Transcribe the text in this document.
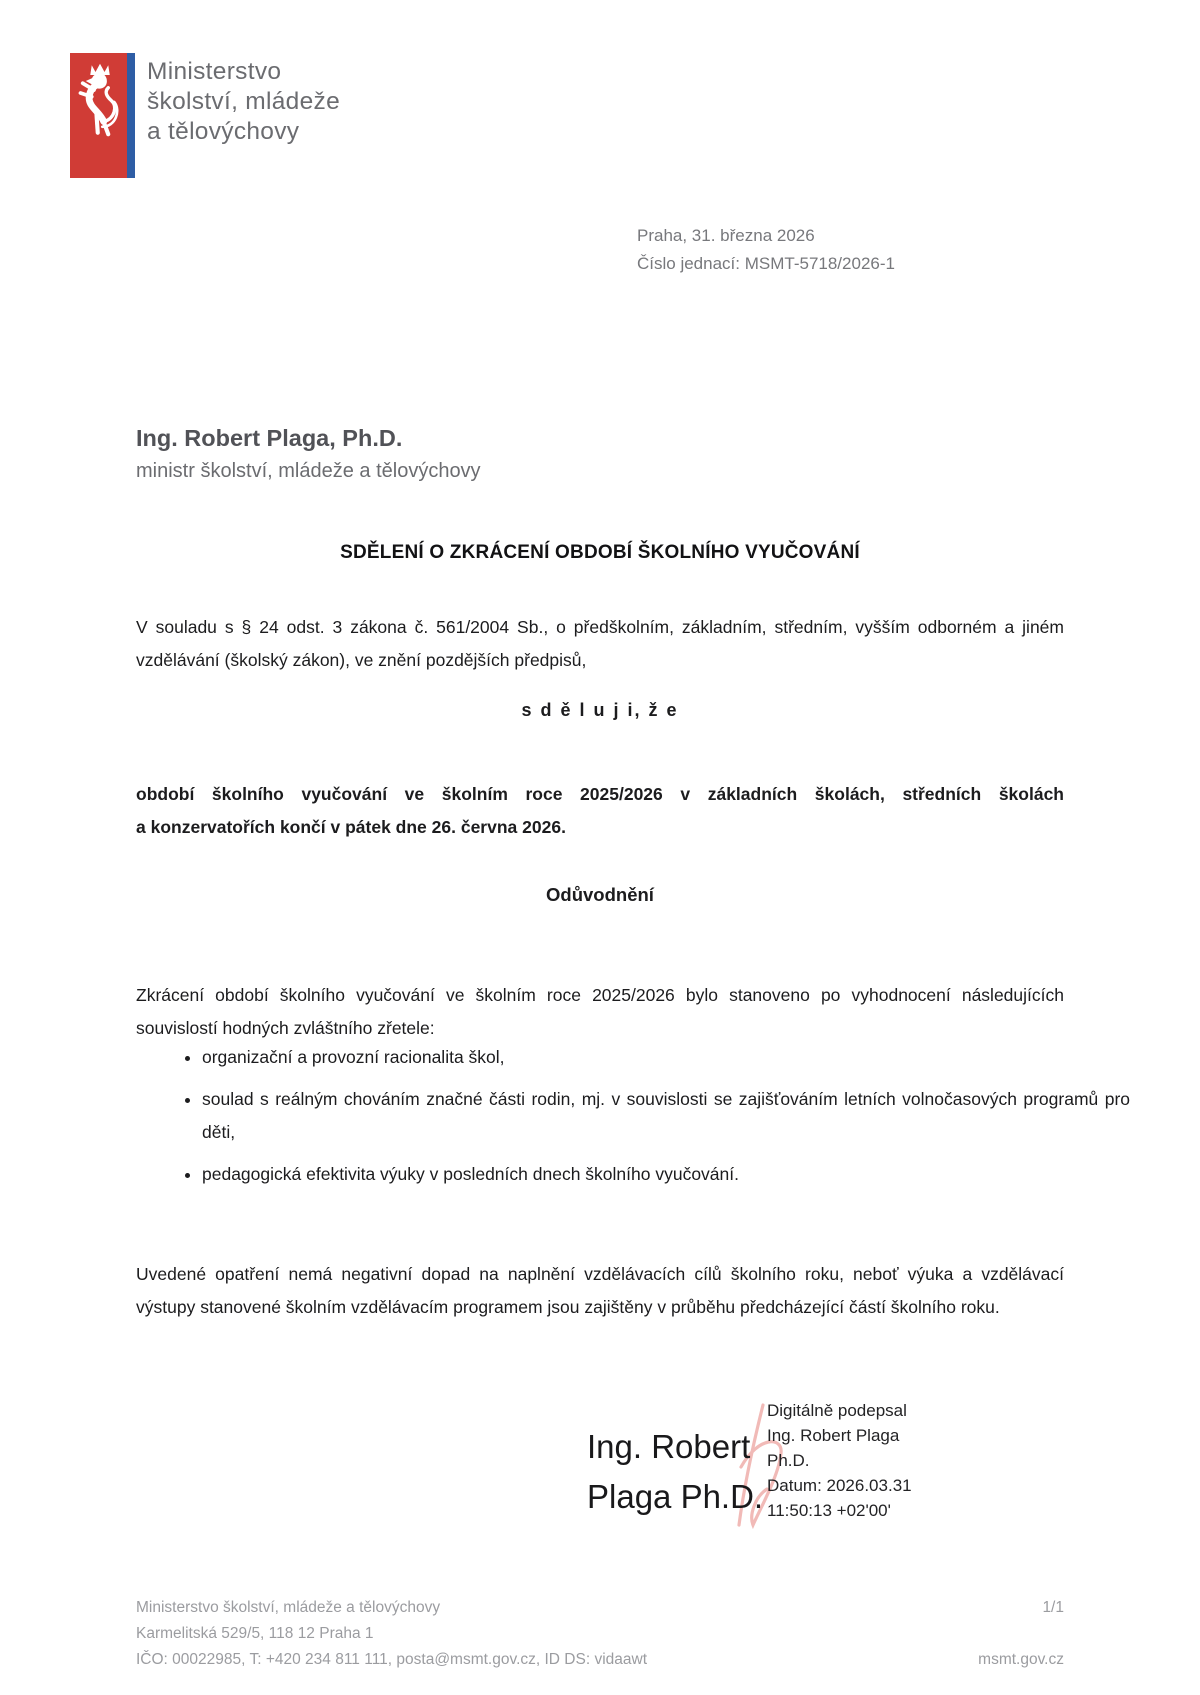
Ministerstvo
školství, mládeže
a tělovýchovy
Praha, 31. března 2026
Číslo jednací: MSMT-5718/2026-1
Ing. Robert Plaga, Ph.D.
ministr školství, mládeže a tělovýchovy
SDĚLENÍ O ZKRÁCENÍ OBDOBÍ ŠKOLNÍHO VYUČOVÁNÍ

V souladu s § 24 odst. 3 zákona č. 561/2004 Sb., o předškolním, základním, středním, vyšším odborném a jiném vzdělávání (školský zákon), ve znění pozdějších předpisů,

s d ě l u j i, ž e

období školního vyučování ve školním roce 2025/2026 v základních školách, středních školách a konzervatořích končí v pátek dne 26. června 2026.

Odůvodnění

Zkrácení období školního vyučování ve školním roce 2025/2026 bylo stanoveno po vyhodnocení následujících souvislostí hodných zvláštního zřetele:

• organizační a provozní racionalita škol,
• soulad s reálným chováním značné části rodin, mj. v souvislosti se zajišťováním letních volnočasových programů pro děti,
• pedagogická efektivita výuky v posledních dnech školního vyučování.

Uvedené opatření nemá negativní dopad na naplnění vzdělávacích cílů školního roku, neboť výuka a vzdělávací výstupy stanovené školním vzdělávacím programem jsou zajištěny v průběhu předcházející částí školního roku.

Ing. Robert
Plaga Ph.D.
Digitálně podepsal
Ing. Robert Plaga
Ph.D.
Datum: 2026.03.31
11:50:13 +02'00'
Ministerstvo školství, mládeže a tělovýchovy
Karmelitská 529/5, 118 12 Praha 1
IČO: 00022985, T: +420 234 811 111, posta@msmt.gov.cz, ID DS: vidaawt
1/1
msmt.gov.cz
